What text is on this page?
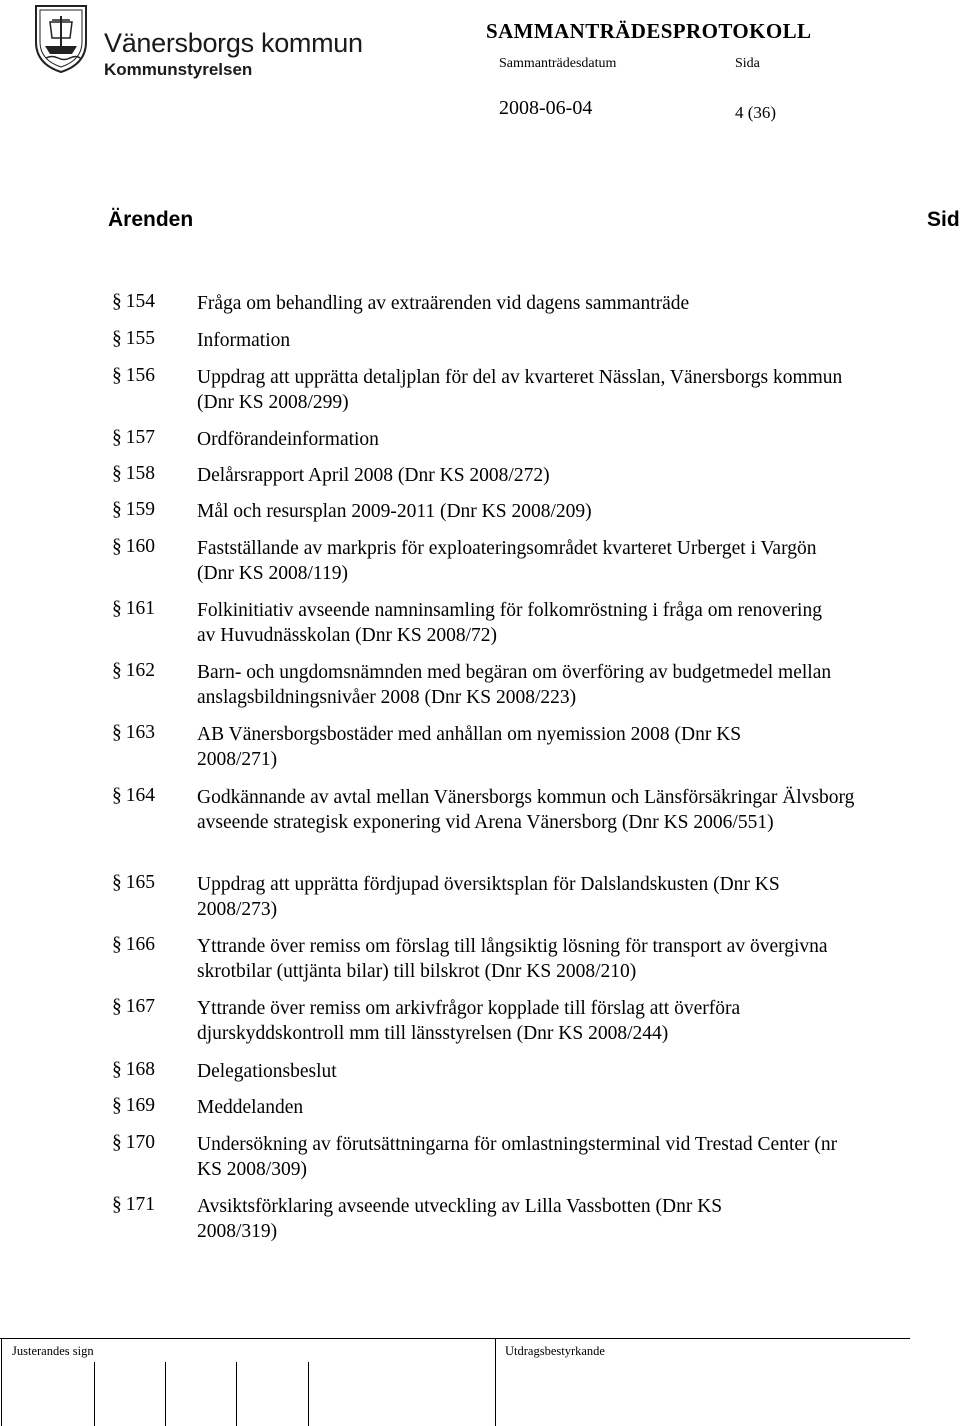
Vänersborgs kommun
Kommunstyrelsen
SAMMANTRÄDESPROTOKOLL
Sammanträdesdatum	Sida
2008-06-04	4 (36)
Ärenden	Sid
§ 154 Fråga om behandling av extraärenden vid dagens sammanträde
§ 155 Information
§ 156 Uppdrag att upprätta detaljplan för del av kvarteret Nässlan, Vänersborgs kommun (Dnr KS 2008/299)
§ 157 Ordförandeinformation
§ 158 Delårsrapport April 2008 (Dnr KS 2008/272)
§ 159 Mål och resursplan 2009-2011 (Dnr KS 2008/209)
§ 160 Fastställande av markpris för exploateringsområdet kvarteret Urberget i Vargön (Dnr KS 2008/119)
§ 161 Folkinitiativ avseende namninsamling för folkomröstning i fråga om renovering av Huvudnässkolan (Dnr KS 2008/72)
§ 162 Barn- och ungdomsnämnden med begäran om överföring av budgetmedel mellan anslagsbildningsnivåer 2008 (Dnr KS 2008/223)
§ 163 AB Vänersborgsbostäder med anhållan om nyemission 2008 (Dnr KS 2008/271)
§ 164 Godkännande av avtal mellan Vänersborgs kommun och Länsförsäkringar Älvsborg avseende strategisk exponering vid Arena Vänersborg (Dnr KS 2006/551)
§ 165 Uppdrag att upprätta fördjupad översiktsplan för Dalslandskusten (Dnr KS 2008/273)
§ 166 Yttrande över remiss om förslag till långsiktig lösning för transport av övergivna skrotbilar (uttjänta bilar) till bilskrot (Dnr KS 2008/210)
§ 167 Yttrande över remiss om arkivfrågor kopplade till förslag att överföra djurskyddskontroll mm till länsstyrelsen (Dnr KS 2008/244)
§ 168 Delegationsbeslut
§ 169 Meddelanden
§ 170 Undersökning av förutsättningarna för omlastningsterminal vid Trestad Center (nr KS 2008/309)
§ 171 Avsiktsförklaring avseende utveckling av Lilla Vassbotten (Dnr KS 2008/319)
Justerandes sign	Utdragsbestyrkande
